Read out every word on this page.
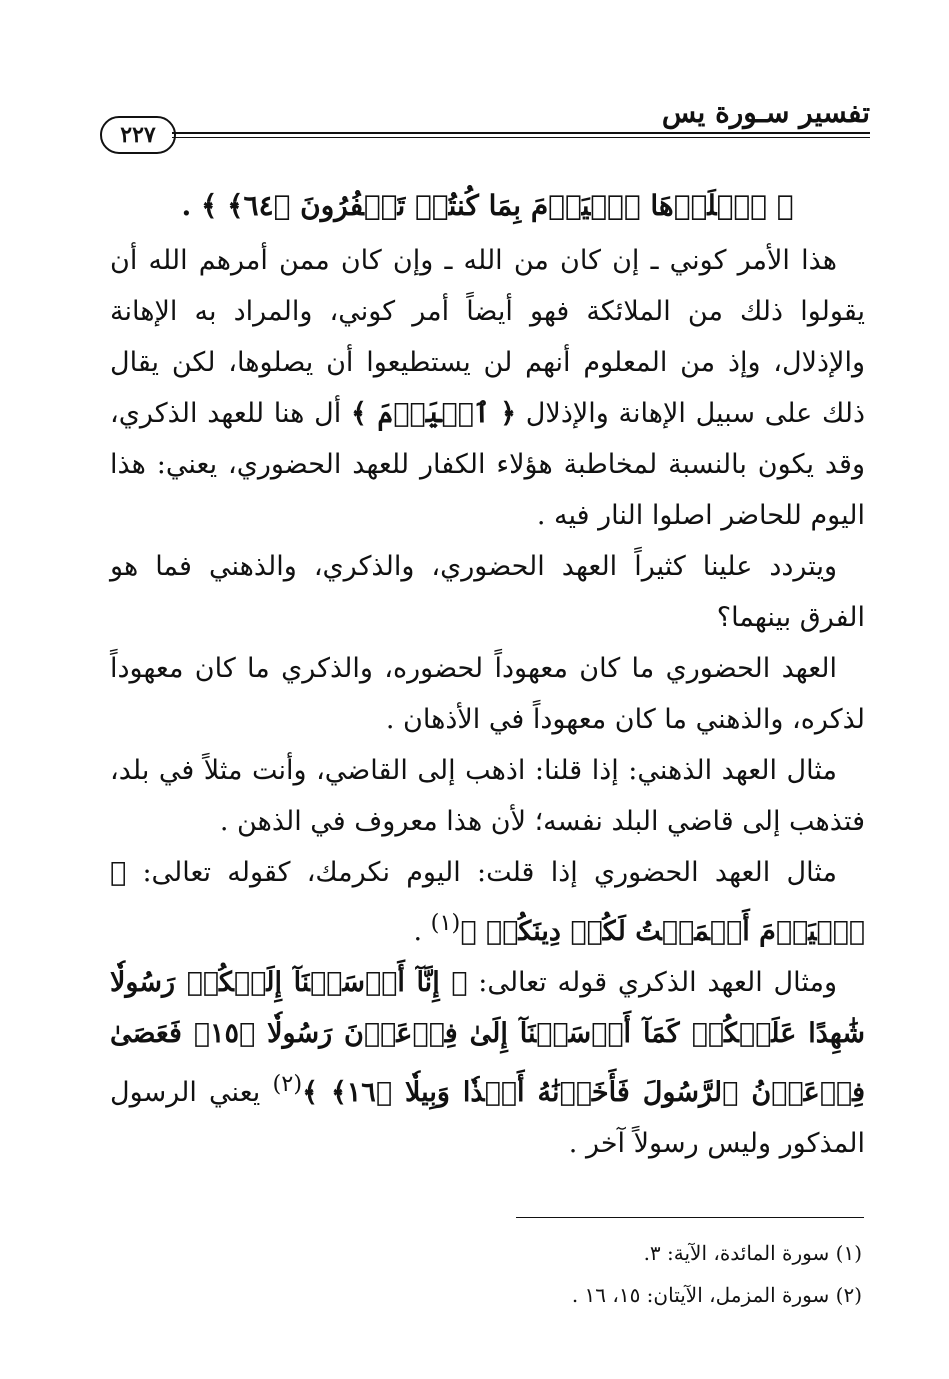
تفسير سـورة يس
٢٢٧

﴿ ٱصۡلَوۡهَا ٱلۡيَوۡمَ بِمَا كُنتُمۡ تَكۡفُرُونَ ﴿٦٤﴾ ﴾ .

هذا الأمر كوني ـ إن كان من الله ـ وإن كان ممن أمرهم الله أن يقولوا ذلك من الملائكة فهو أيضاً أمر كوني، والمراد به الإهانة والإذلال، وإذ من المعلوم أنهم لن يستطيعوا أن يصلوها، لكن يقال ذلك على سبيل الإهانة والإذلال ﴿ ٱلۡيَوۡمَ ﴾ أل هنا للعهد الذكري، وقد يكون بالنسبة لمخاطبة هؤلاء الكفار للعهد الحضوري، يعني: هذا اليوم للحاضر اصلوا النار فيه .

ويتردد علينا كثيراً العهد الحضوري، والذكري، والذهني فما هو الفرق بينهما؟

العهد الحضوري ما كان معهوداً لحضوره، والذكري ما كان معهوداً لذكره، والذهني ما كان معهوداً في الأذهان .

مثال العهد الذهني: إذا قلنا: اذهب إلى القاضي، وأنت مثلاً في بلد، فتذهب إلى قاضي البلد نفسه؛ لأن هذا معروف في الذهن .

مثال العهد الحضوري إذا قلت: اليوم نكرمك، كقوله تعالى: ﴿ ٱلۡيَوۡمَ أَكۡمَلۡتُ لَكُمۡ دِينَكُمۡ ﴾$^{(١)}$ .

ومثال العهد الذكري قوله تعالى: ﴿ إِنَّآ أَرۡسَلۡنَآ إِلَيۡكُمۡ رَسُولٗا شَٰهِدًا عَلَيۡكُمۡ كَمَآ أَرۡسَلۡنَآ إِلَىٰ فِرۡعَوۡنَ رَسُولٗا ﴿١٥﴾ فَعَصَىٰ فِرۡعَوۡنُ ٱلرَّسُولَ فَأَخَذۡنَٰهُ أَخۡذٗا وَبِيلٗا ﴿١٦﴾ ﴾$^{(٢)}$ يعني الرسول المذكور وليس رسولاً آخر .

(١) سورة المائدة، الآية: ٣.

(٢) سورة المزمل، الآيتان: ١٥، ١٦ .
